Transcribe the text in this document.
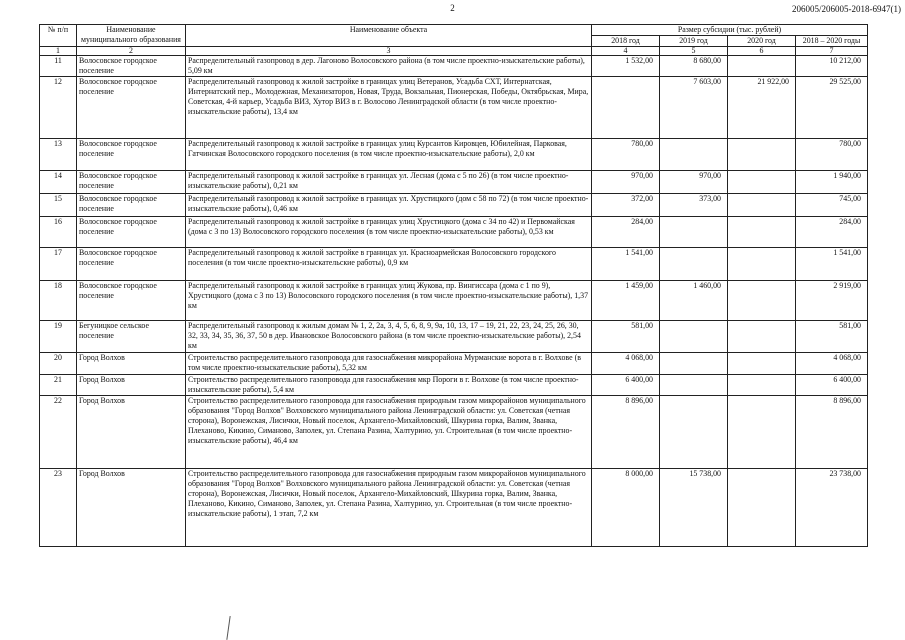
2	206005/206005-2018-6947(1)
№ п/п	Наименование муниципального образования	Наименование объекта	Размер субсидии (тыс. рублей)			
			2018 год	2019 год	2020 год	2018 – 2020 годы
1	2	3	4	5	6	7
11	Волосовское городское поселение	Распределительный газопровод в дер. Лагоново Волосовского района (в том числе проектно-изыскательские работы), 5,09 км	1 532,00	8 680,00		10 212,00
12	Волосовское городское поселение	Распределительный газопровод к жилой застройке в границах улиц Ветеранов, Усадьба СХТ, Интернатская, Интернатский пер., Молодежная, Механизаторов, Новая, Труда, Вокзальная, Пионерская, Победы, Октябрьская, Мира, Советская, 4-й карьер, Усадьба ВИЗ, Хутор ВИЗ в г. Волосово Ленинградской области (в том числе проектно-изыскательские работы), 13,4 км		7 603,00	21 922,00	29 525,00
13	Волосовское городское поселение	Распределительный газопровод к жилой застройке в границах улиц Курсантов Кировцев, Юбилейная, Парковая, Гатчинская Волосовского городского поселения (в том числе проектно-изыскательские работы), 2,0 км	780,00			780,00
14	Волосовское городское поселение	Распределительный газопровод к жилой застройке в границах ул. Лесная (дома с 5 по 26) (в том числе проектно-изыскательские работы), 0,21 км	970,00	970,00		1 940,00
15	Волосовское городское поселение	Распределительный газопровод к жилой застройке в границах ул. Хрустицкого (дом с 58 по 72) (в том числе проектно-изыскательские работы), 0,46 км	372,00	373,00		745,00
16	Волосовское городское поселение	Распределительный газопровод к жилой застройке в границах улиц Хрустицкого (дома с 34 по 42) и Первомайская (дома с 3 по 13) Волосовского городского поселения (в том числе проектно-изыскательские работы), 0,53 км	284,00			284,00
17	Волосовское городское поселение	Распределительный газопровод к жилой застройке в границах ул. Красноармейская Волосовского городского поселения (в том числе проектно-изыскательские работы), 0,9 км	1 541,00			1 541,00
18	Волосовское городское поселение	Распределительный газопровод к жилой застройке в границах улиц Жукова, пр. Вингиссара (дома с 1 по 9), Хрустицкого (дома с 3 по 13) Волосовского городского поселения (в том числе проектно-изыскательские работы), 1,37 км	1 459,00	1 460,00		2 919,00
19	Бегуницкое сельское поселение	Распределительный газопровод к жилым домам № 1, 2, 2а, 3, 4, 5, 6, 8, 9, 9а, 10, 13, 17 – 19, 21, 22, 23, 24, 25, 26, 30, 32, 33, 34, 35, 36, 37, 50 в дер. Ивановское Волосовского района (в том числе проектно-изыскательские работы), 2,54 км	581,00			581,00
20	Город Волхов	Строительство распределительного газопровода для газоснабжения микрорайона Мурманские ворота в г. Волхове (в том числе проектно-изыскательские работы), 5,32 км	4 068,00			4 068,00
21	Город Волхов	Строительство распределительного газопровода для газоснабжения мкр Пороги в г. Волхове (в том числе проектно-изыскательские работы), 5,4 км	6 400,00			6 400,00
22	Город Волхов	Строительство распределительного газопровода для газоснабжения природным газом микрорайонов муниципального образования "Город Волхов" Волховского муниципального района Ленинградской области: ул. Советская (четная сторона), Воронежская, Лисички, Новый поселок, Архангело-Михайловский, Шкурина горка, Валим, Званка, Плеханово, Кикино, Симаново, Заполек, ул. Степана Разина, Халтурино, ул. Строительная (в том числе проектно-изыскательские работы), 46,4 км	8 896,00			8 896,00
23	Город Волхов	Строительство распределительного газопровода для газоснабжения природным газом микрорайонов муниципального образования "Город Волхов" Волховского муниципального района Ленинградской области: ул. Советская (четная сторона), Воронежская, Лисички, Новый поселок, Архангело-Михайловский, Шкурина горка, Валим, Званка, Плеханово, Кикино, Симаново, Заполек, ул. Степана Разина, Халтурино, ул. Строительная (в том числе проектно-изыскательские работы), 1 этап, 7,2 км	8 000,00	15 738,00		23 738,00
